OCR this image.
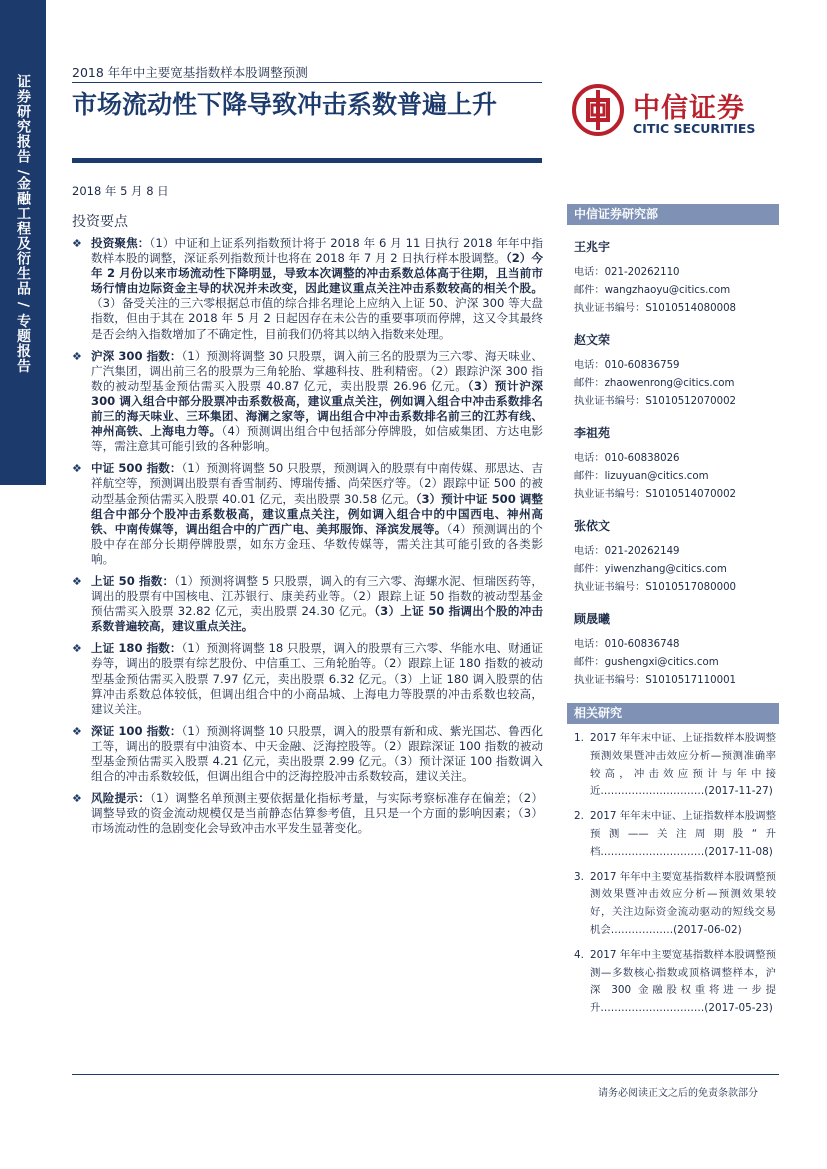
证券研究报告 /金融工程及衍生品 / 专题报告
2018 年年中主要宽基指数样本股调整预测
市场流动性下降导致冲击系数普遍上升	中信证券
CITIC SECURITIES
2018 年 5 月 8 日
投资要点
❖ 投资聚焦：（1）中证和上证系列指数预计将于 2018 年 6 月 11 日执行 2018 年年中指数样本股的调整，深证系列指数预计也将在 2018 年 7 月 2 日执行样本股调整。（2）今年 2 月份以来市场流动性下降明显，导致本次调整的冲击系数总体高于往期，且当前市场行情由边际资金主导的状况并未改变，因此建议重点关注冲击系数较高的相关个股。（3）备受关注的三六零根据总市值的综合排名理论上应纳入上证 50、沪深 300 等大盘指数，但由于其在 2018 年 5 月 2 日起因存在未公告的重要事项而停牌，这又令其最终是否会纳入指数增加了不确定性，目前我们仍将其以纳入指数来处理。
❖ 沪深 300 指数：（1）预测将调整 30 只股票，调入前三名的股票为三六零、海天味业、广汽集团，调出前三名的股票为三角轮胎、掌趣科技、胜利精密。（2）跟踪沪深 300 指数的被动型基金预估需买入股票 40.87 亿元，卖出股票 26.96 亿元。（3）预计沪深 300 调入组合中部分股票冲击系数极高，建议重点关注，例如调入组合中冲击系数排名前三的海天味业、三环集团、海澜之家等，调出组合中冲击系数排名前三的江苏有线、神州高铁、上海电力等。（4）预测调出组合中包括部分停牌股，如信威集团、方达电影等，需注意其可能引致的各种影响。
❖ 中证 500 指数：（1）预测将调整 50 只股票，预测调入的股票有中南传媒、那思达、吉祥航空等，预测调出股票有香雪制药、博瑞传播、尚荣医疗等。（2）跟踪中证 500 的被动型基金预估需买入股票 40.01 亿元，卖出股票 30.58 亿元。（3）预计中证 500 调整组合中部分个股冲击系数极高，建议重点关注，例如调入组合中的中国西电、神州高铁、中南传媒等，调出组合中的广西广电、美邦服饰、泽滨发展等。（4）预测调出的个股中存在部分长期停牌股票，如东方金珏、华数传媒等，需关注其可能引致的各类影响。
❖ 上证 50 指数：（1）预测将调整 5 只股票，调入的有三六零、海螺水泥、恒瑞医药等，调出的股票有中国核电、江苏银行、康美药业等。（2）跟踪上证 50 指数的被动型基金预估需买入股票 32.82 亿元，卖出股票 24.30 亿元。（3）上证 50 指调出个股的冲击系数普遍较高，建议重点关注。
❖ 上证 180 指数：（1）预测将调整 18 只股票，调入的股票有三六零、华能水电、财通证券等，调出的股票有综艺股份、中信重工、三角轮胎等。（2）跟踪上证 180 指数的被动型基金预估需买入股票 7.97 亿元，卖出股票 6.32 亿元。（3）上证 180 调入股票的估算冲击系数总体较低，但调出组合中的小商品城、上海电力等股票的冲击系数也较高，建议关注。
❖ 深证 100 指数：（1）预测将调整 10 只股票，调入的股票有新和成、紫光国芯、鲁西化工等，调出的股票有中油资本、中天金融、泛海控股等。（2）跟踪深证 100 指数的被动型基金预估需买入股票 4.21 亿元，卖出股票 2.99 亿元。（3）预计深证 100 指数调入组合的冲击系数较低，但调出组合中的泛海控股冲击系数较高，建议关注。
❖ 风险提示：（1）调整名单预测主要依据量化指标考量，与实际考察标准存在偏差；（2）调整导致的资金流动规模仅是当前静态估算参考值，且只是一个方面的影响因素；（3）市场流动性的急剧变化会导致冲击水平发生显著变化。
中信证券研究部
王兆宇
电话：021-20262110
邮件：wangzhaoyu@citics.com
执业证书编号：S1010514080008
赵文荣
电话：010-60836759
邮件：zhaowenrong@citics.com
执业证书编号：S1010512070002
李祖苑
电话：010-60838026
邮件：lizuyuan@citics.com
执业证书编号：S1010514070002
张依文
电话：021-20262149
邮件：yiwenzhang@citics.com
执业证书编号：S1010517080000
顾晟曦
电话：010-60836748
邮件：gushengxi@citics.com
执业证书编号：S1010517110001
相关研究
1. 2017 年年末中证、上证指数样本股调整预测效果暨冲击效应分析—预测准确率较高，冲击效应预计与年中接近…………………………(2017-11-27)
2. 2017 年年末中证、上证指数样本股调整预测——关注周期股“升档…………………………(2017-11-08)
3. 2017 年年中主要宽基指数样本股调整预测效果暨冲击效应分析—预测效果较好，关注边际资金流动驱动的短线交易机会………………(2017-06-02)
4. 2017 年年中主要宽基指数样本股调整预测—多数核心指数或顶格调整样本，沪深 300 金融股权重将进一步提升…………………………(2017-05-23)
请务必阅读正文之后的免责条款部分
